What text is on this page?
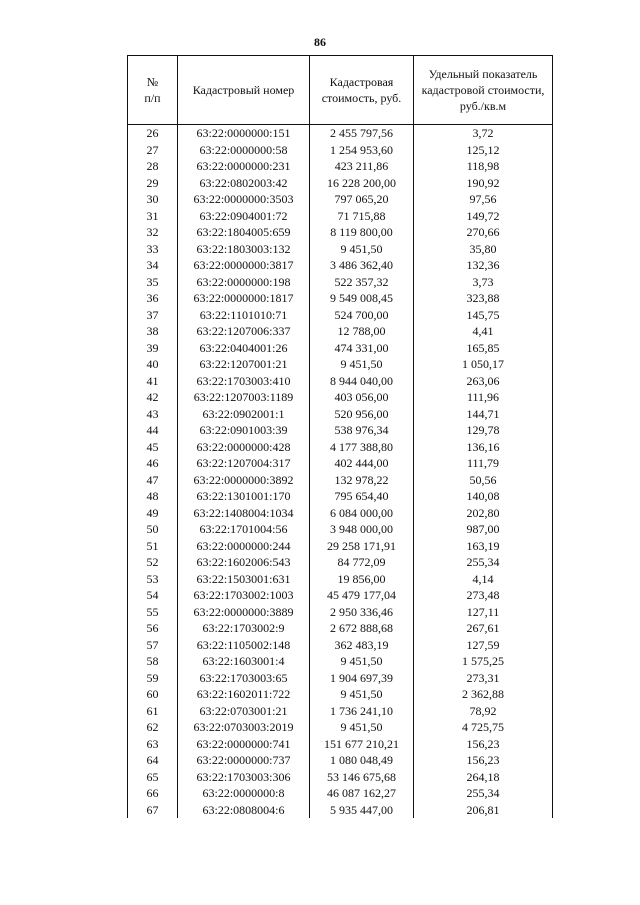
86
№
п/п	Кадастровый номер	Кадастровая стоимость, руб.	Удельный показатель кадастровой стоимости, руб./кв.м
26	63:22:0000000:151	2 455 797,56	3,72
27	63:22:0000000:58	1 254 953,60	125,12
28	63:22:0000000:231	423 211,86	118,98
29	63:22:0802003:42	16 228 200,00	190,92
30	63:22:0000000:3503	797 065,20	97,56
31	63:22:0904001:72	71 715,88	149,72
32	63:22:1804005:659	8 119 800,00	270,66
33	63:22:1803003:132	9 451,50	35,80
34	63:22:0000000:3817	3 486 362,40	132,36
35	63:22:0000000:198	522 357,32	3,73
36	63:22:0000000:1817	9 549 008,45	323,88
37	63:22:1101010:71	524 700,00	145,75
38	63:22:1207006:337	12 788,00	4,41
39	63:22:0404001:26	474 331,00	165,85
40	63:22:1207001:21	9 451,50	1 050,17
41	63:22:1703003:410	8 944 040,00	263,06
42	63:22:1207003:1189	403 056,00	111,96
43	63:22:0902001:1	520 956,00	144,71
44	63:22:0901003:39	538 976,34	129,78
45	63:22:0000000:428	4 177 388,80	136,16
46	63:22:1207004:317	402 444,00	111,79
47	63:22:0000000:3892	132 978,22	50,56
48	63:22:1301001:170	795 654,40	140,08
49	63:22:1408004:1034	6 084 000,00	202,80
50	63:22:1701004:56	3 948 000,00	987,00
51	63:22:0000000:244	29 258 171,91	163,19
52	63:22:1602006:543	84 772,09	255,34
53	63:22:1503001:631	19 856,00	4,14
54	63:22:1703002:1003	45 479 177,04	273,48
55	63:22:0000000:3889	2 950 336,46	127,11
56	63:22:1703002:9	2 672 888,68	267,61
57	63:22:1105002:148	362 483,19	127,59
58	63:22:1603001:4	9 451,50	1 575,25
59	63:22:1703003:65	1 904 697,39	273,31
60	63:22:1602011:722	9 451,50	2 362,88
61	63:22:0703001:21	1 736 241,10	78,92
62	63:22:0703003:2019	9 451,50	4 725,75
63	63:22:0000000:741	151 677 210,21	156,23
64	63:22:0000000:737	1 080 048,49	156,23
65	63:22:1703003:306	53 146 675,68	264,18
66	63:22:0000000:8	46 087 162,27	255,34
67	63:22:0808004:6	5 935 447,00	206,81
